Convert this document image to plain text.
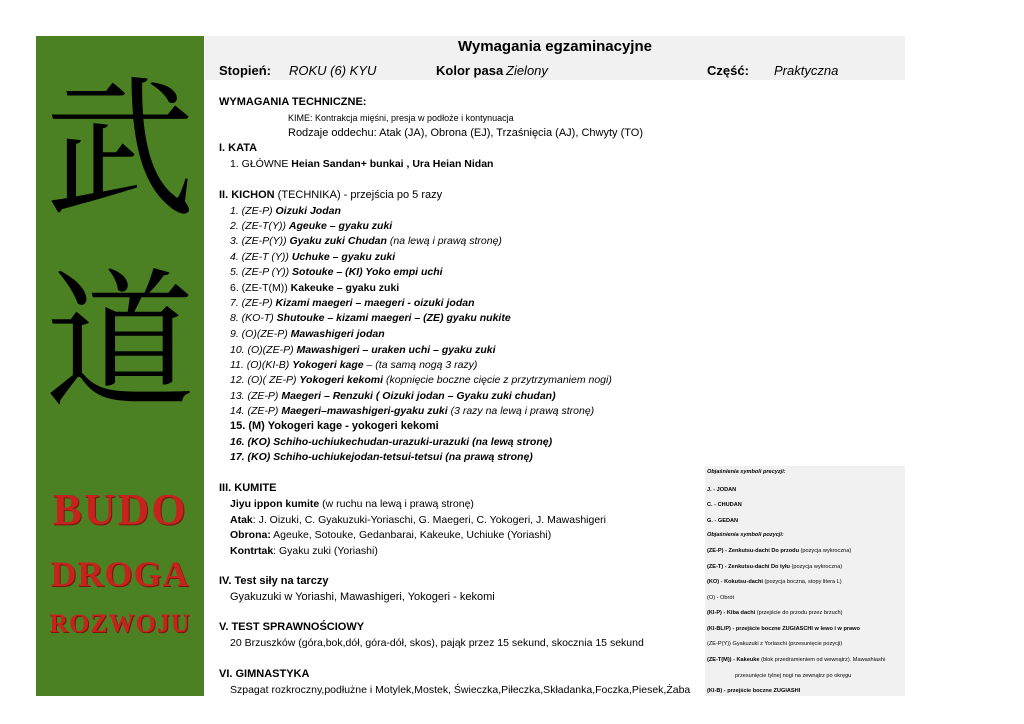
武
道
BUDO
DROGA
ROZWOJU
Wymagania egzaminacyjne
Stopień: ROKU (6) KYU	Kolor pasa Zielony	Część: Praktyczna
WYMAGANIA TECHNICZNE:
KIME: Kontrakcja mięśni, presja w podłoże i kontynuacja
Rodzaje oddechu: Atak (JA), Obrona (EJ), Trzaśnięcia (AJ), Chwyty (TO)
I. KATA
1. GŁÓWNE Heian Sandan+ bunkai , Ura Heian Nidan
II. KICHON (TECHNIKA) - przejścia po 5 razy
1. (ZE-P) Oizuki Jodan
2. (ZE-T(Y)) Ageuke – gyaku zuki
3. (ZE-P(Y)) Gyaku zuki Chudan (na lewą i prawą stronę)
4. (ZE-T (Y)) Uchuke – gyaku zuki
5. (ZE-P (Y)) Sotouke – (KI) Yoko empi uchi
6. (ZE-T(M)) Kakeuke – gyaku zuki
7. (ZE-P) Kizami maegeri – maegeri - oizuki jodan
8. (KO-T) Shutouke – kizami maegeri – (ZE) gyaku nukite
9. (O)(ZE-P) Mawashigeri jodan
10. (O)(ZE-P) Mawashigeri – uraken uchi – gyaku zuki
11. (O)(KI-B) Yokogeri kage – (ta samą nogą 3 razy)
12. (O)( ZE-P) Yokogeri kekomi (kopnięcie boczne cięcie z przytrzymaniem nogi)
13. (ZE-P) Maegeri – Renzuki ( Oizuki jodan – Gyaku zuki chudan)
14. (ZE-P) Maegeri–mawashigeri-gyaku zuki (3 razy na lewą i prawą stronę)
15. (M) Yokogeri kage - yokogeri kekomi
16. (KO) Schiho-uchiukechudan-urazuki-urazuki (na lewą stronę)
17. (KO) Schiho-uchiukejodan-tetsui-tetsui (na prawą stronę)
III. KUMITE
Jiyu ippon kumite (w ruchu na lewą i prawą stronę)
Atak: J. Oizuki, C. Gyakuzuki-Yoriaschi, G. Maegeri, C. Yokogeri, J. Mawashigeri
Obrona: Ageuke, Sotouke, Gedanbarai, Kakeuke, Uchiuke (Yoriashi)
Kontrtak: Gyaku zuki (Yoriashi)
IV. Test siły na tarczy
Gyakuzuki w Yoriashi, Mawashigeri, Yokogeri - kekomi
V. TEST SPRAWNOŚCIOWY
20 Brzuszków (góra,bok,dół, góra-dół, skos), pająk przez 15 sekund, skocznia 15 sekund
VI. GIMNASTYKA
Szpagat rozkroczny,podłużne i Motylek,Mostek, Świeczka,Piłeczka,Składanka,Foczka,Piesek,Żaba
Objaśnienia symboli precyzji:
J. - JODAN
C. - CHUDAN
G. - GEDAN
Objaśnienia symboli pozycji:
(ZE-P) - Zenkutsu-dachi Do przodu (pozycja wykroczna)
(ZE-T) - Zenkutsu-dachi Do tyłu (pozycja wykroczna)
(KO) - Kokutsu-dachi (pozycja boczna, stopy litera L)
(O) - Obrót
(KI-P) - Kiba dachi (przejście do przodu przez brzuch)
(KI-BL/P) - przejście boczne ZUGIASCHI w lewo i w prawo
(ZE-P(Y)) Gyakuzuki z Yoriaschi (przesunięcie pozycji)
(ZE-T(M)) - Kakeuke (blok przedramieniem od wewnątrz). Mawashiashi
przesunięcie tylnej nogi na zewnątrz po okręgu
(KI-B) - przejście boczne ZUGIASHI
